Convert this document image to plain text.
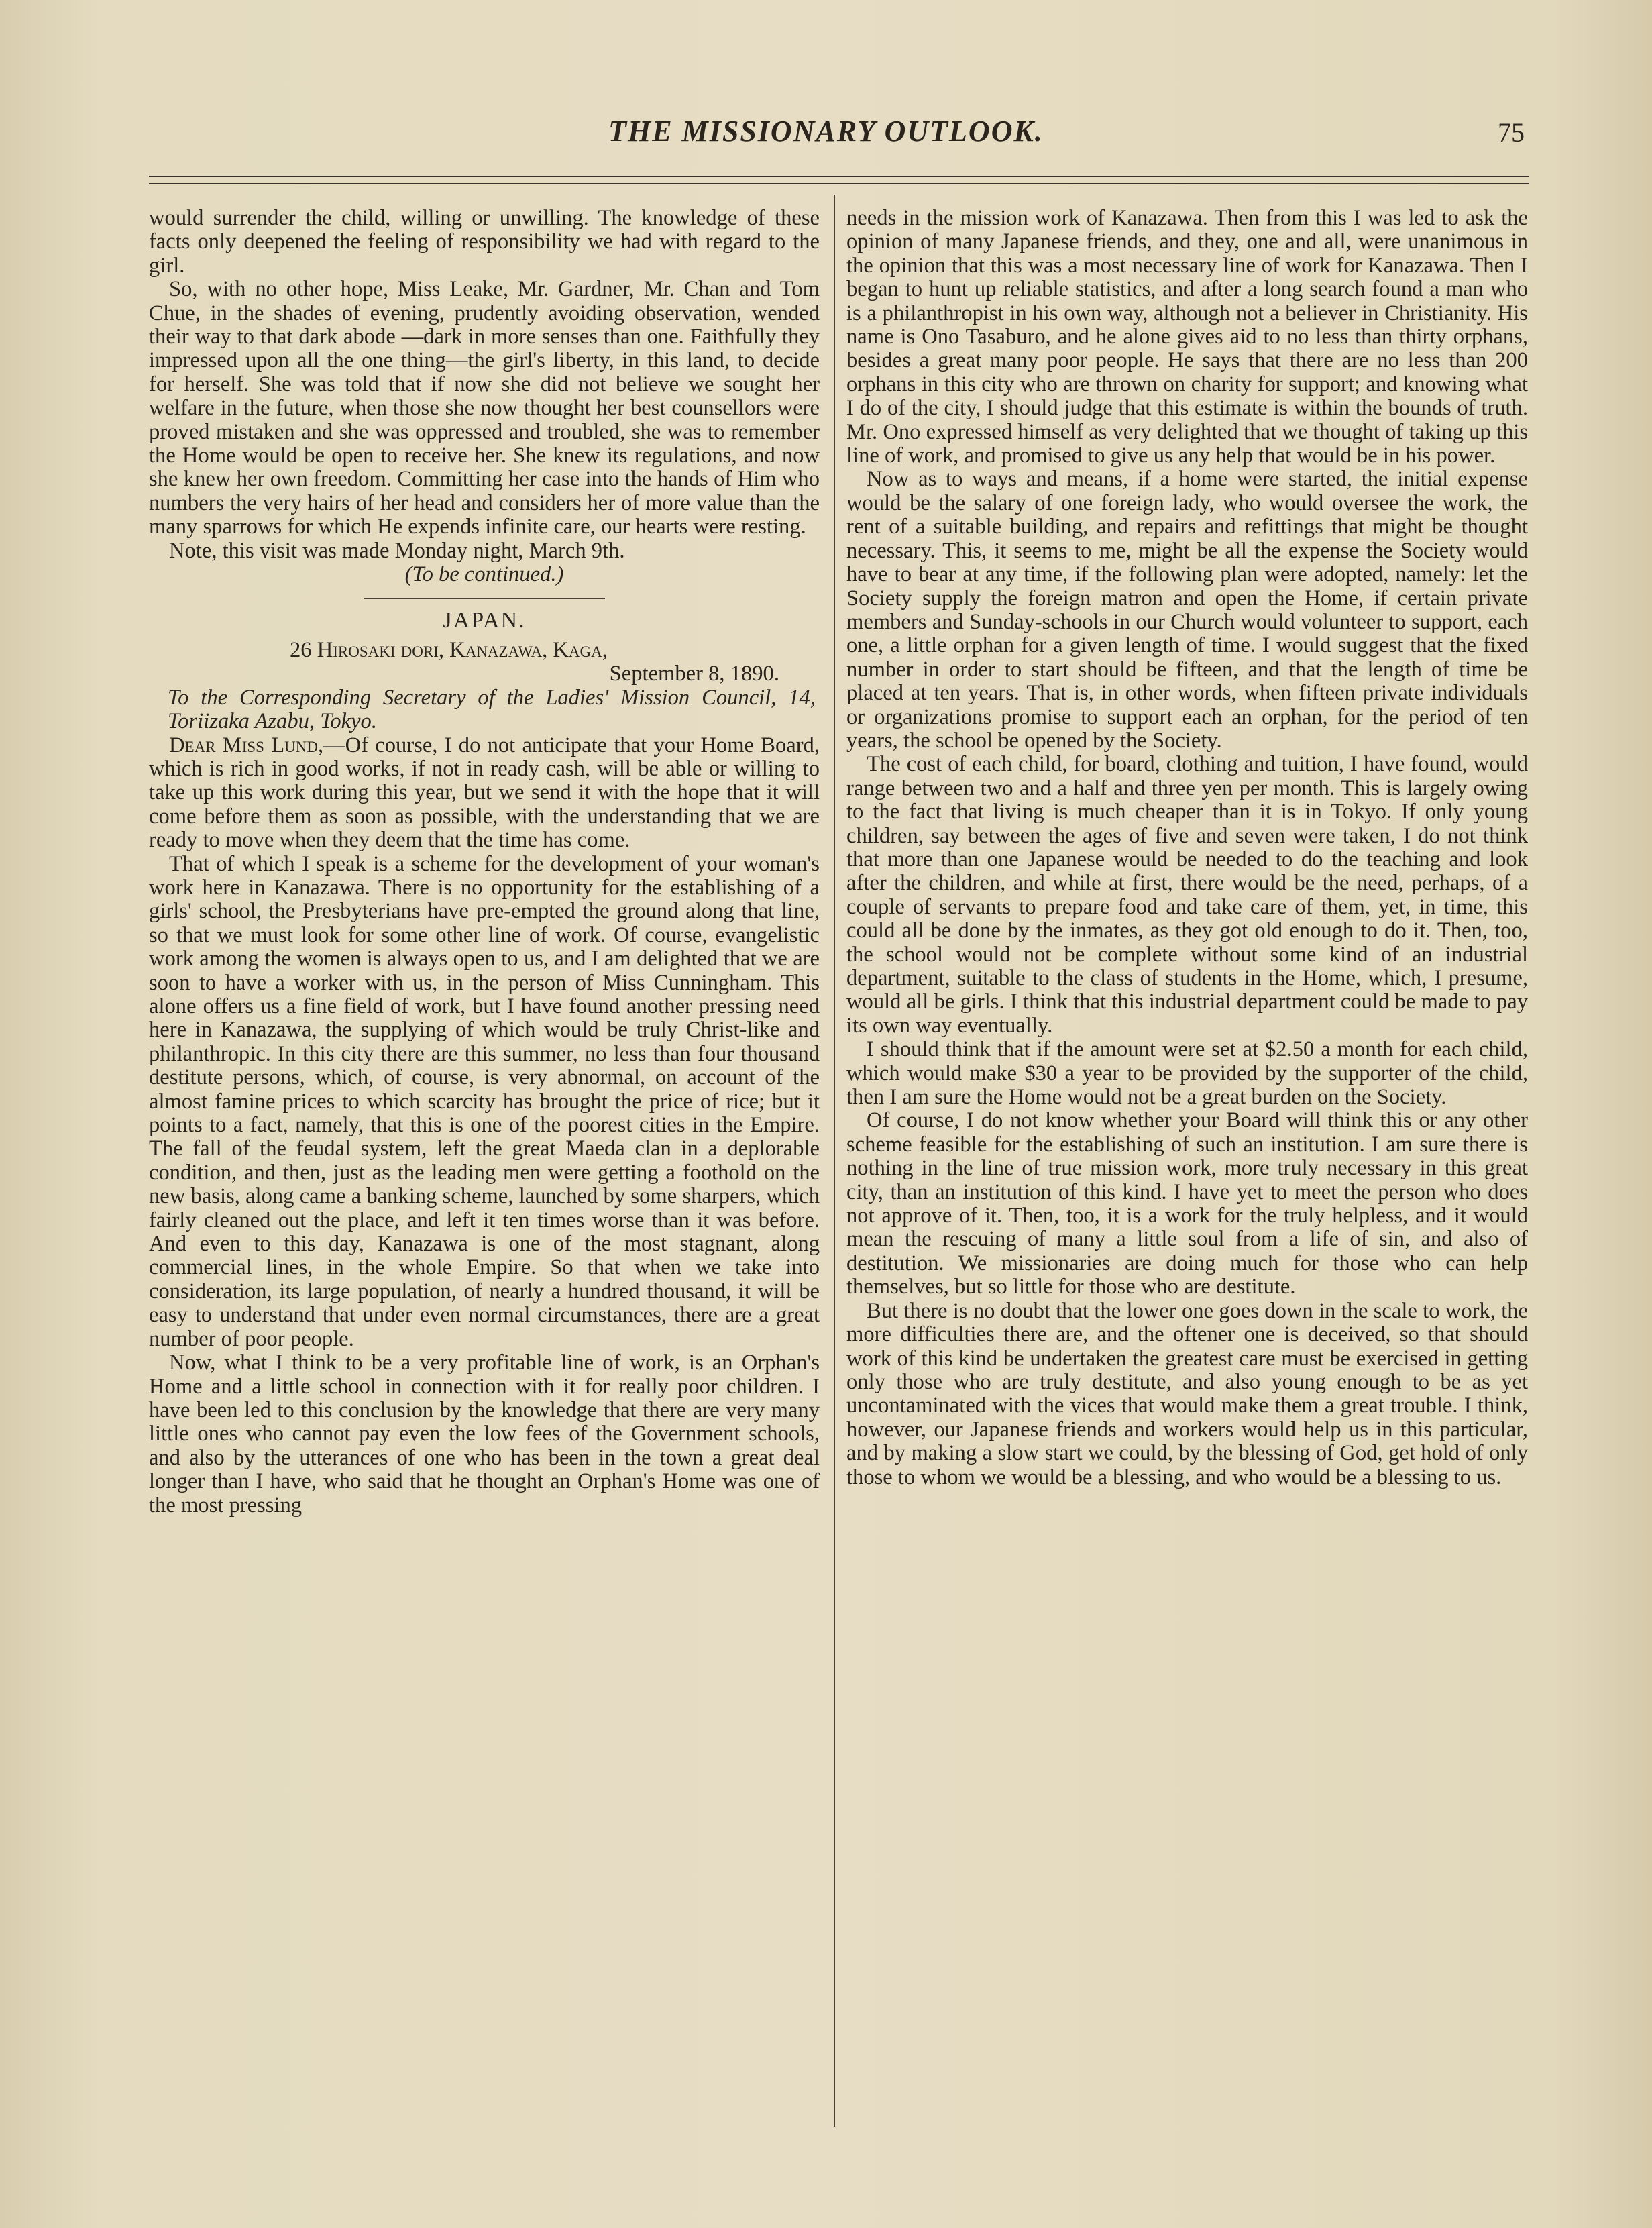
THE MISSIONARY OUTLOOK.	75

would surrender the child, willing or unwilling. The knowledge of these facts only deepened the feeling of responsibility we had with regard to the girl.

So, with no other hope, Miss Leake, Mr. Gardner, Mr. Chan and Tom Chue, in the shades of evening, prudently avoiding observation, wended their way to that dark abode —dark in more senses than one. Faithfully they impressed upon all the one thing—the girl's liberty, in this land, to decide for herself. She was told that if now she did not believe we sought her welfare in the future, when those she now thought her best counsellors were proved mistaken and she was oppressed and troubled, she was to remember the Home would be open to receive her. She knew its regulations, and now she knew her own freedom. Committing her case into the hands of Him who numbers the very hairs of her head and considers her of more value than the many sparrows for which He expends infinite care, our hearts were resting.

Note, this visit was made Monday night, March 9th.

(To be continued.)

JAPAN.

26 Hirosaki dori, Kanazawa, Kaga,

September 8, 1890.

To the Corresponding Secretary of the Ladies' Mission Council, 14, Toriizaka Azabu, Tokyo.

Dear Miss Lund,—Of course, I do not anticipate that your Home Board, which is rich in good works, if not in ready cash, will be able or willing to take up this work during this year, but we send it with the hope that it will come before them as soon as possible, with the understanding that we are ready to move when they deem that the time has come.

That of which I speak is a scheme for the development of your woman's work here in Kanazawa. There is no opportunity for the establishing of a girls' school, the Presbyterians have pre-empted the ground along that line, so that we must look for some other line of work. Of course, evangelistic work among the women is always open to us, and I am delighted that we are soon to have a worker with us, in the person of Miss Cunningham. This alone offers us a fine field of work, but I have found another pressing need here in Kanazawa, the supplying of which would be truly Christ-like and philanthropic. In this city there are this summer, no less than four thousand destitute persons, which, of course, is very abnormal, on account of the almost famine prices to which scarcity has brought the price of rice; but it points to a fact, namely, that this is one of the poorest cities in the Empire. The fall of the feudal system, left the great Maeda clan in a deplorable condition, and then, just as the leading men were getting a foothold on the new basis, along came a banking scheme, launched by some sharpers, which fairly cleaned out the place, and left it ten times worse than it was before. And even to this day, Kanazawa is one of the most stagnant, along commercial lines, in the whole Empire. So that when we take into consideration, its large population, of nearly a hundred thousand, it will be easy to understand that under even normal circumstances, there are a great number of poor people.

Now, what I think to be a very profitable line of work, is an Orphan's Home and a little school in connection with it for really poor children. I have been led to this conclusion by the knowledge that there are very many little ones who cannot pay even the low fees of the Government schools, and also by the utterances of one who has been in the town a great deal longer than I have, who said that he thought an Orphan's Home was one of the most pressing

needs in the mission work of Kanazawa. Then from this I was led to ask the opinion of many Japanese friends, and they, one and all, were unanimous in the opinion that this was a most necessary line of work for Kanazawa. Then I began to hunt up reliable statistics, and after a long search found a man who is a philanthropist in his own way, although not a believer in Christianity. His name is Ono Tasaburo, and he alone gives aid to no less than thirty orphans, besides a great many poor people. He says that there are no less than 200 orphans in this city who are thrown on charity for support; and knowing what I do of the city, I should judge that this estimate is within the bounds of truth. Mr. Ono expressed himself as very delighted that we thought of taking up this line of work, and promised to give us any help that would be in his power.

Now as to ways and means, if a home were started, the initial expense would be the salary of one foreign lady, who would oversee the work, the rent of a suitable building, and repairs and refittings that might be thought necessary. This, it seems to me, might be all the expense the Society would have to bear at any time, if the following plan were adopted, namely: let the Society supply the foreign matron and open the Home, if certain private members and Sunday-schools in our Church would volunteer to support, each one, a little orphan for a given length of time. I would suggest that the fixed number in order to start should be fifteen, and that the length of time be placed at ten years. That is, in other words, when fifteen private individuals or organizations promise to support each an orphan, for the period of ten years, the school be opened by the Society.

The cost of each child, for board, clothing and tuition, I have found, would range between two and a half and three yen per month. This is largely owing to the fact that living is much cheaper than it is in Tokyo. If only young children, say between the ages of five and seven were taken, I do not think that more than one Japanese would be needed to do the teaching and look after the children, and while at first, there would be the need, perhaps, of a couple of servants to prepare food and take care of them, yet, in time, this could all be done by the inmates, as they got old enough to do it. Then, too, the school would not be complete without some kind of an industrial department, suitable to the class of students in the Home, which, I presume, would all be girls. I think that this industrial department could be made to pay its own way eventually.

I should think that if the amount were set at $2.50 a month for each child, which would make $30 a year to be provided by the supporter of the child, then I am sure the Home would not be a great burden on the Society.

Of course, I do not know whether your Board will think this or any other scheme feasible for the establishing of such an institution. I am sure there is nothing in the line of true mission work, more truly necessary in this great city, than an institution of this kind. I have yet to meet the person who does not approve of it. Then, too, it is a work for the truly helpless, and it would mean the rescuing of many a little soul from a life of sin, and also of destitution. We missionaries are doing much for those who can help themselves, but so little for those who are destitute.

But there is no doubt that the lower one goes down in the scale to work, the more difficulties there are, and the oftener one is deceived, so that should work of this kind be undertaken the greatest care must be exercised in getting only those who are truly destitute, and also young enough to be as yet uncontaminated with the vices that would make them a great trouble. I think, however, our Japanese friends and workers would help us in this particular, and by making a slow start we could, by the blessing of God, get hold of only those to whom we would be a blessing, and who would be a blessing to us.
